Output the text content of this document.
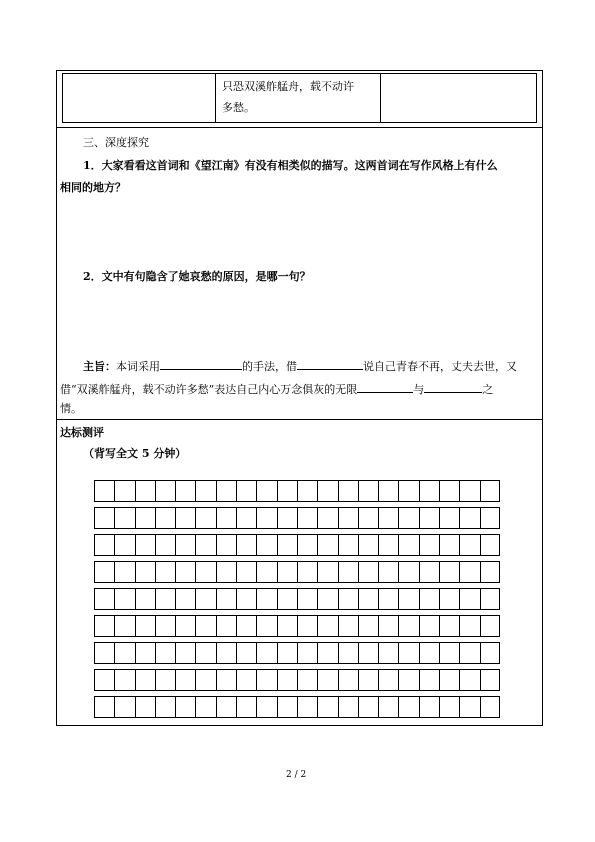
只恐双溪舴艋舟，载不动许
多愁。
三、深度探究
1．大家看看这首词和《望江南》有没有相类似的描写。这两首词在写作风格上有什么
相同的地方？
2．文中有句隐含了她哀愁的原因，是哪一句？
主旨：本词采用	的手法，借	说自己青春不再，丈夫去世，又
借“双溪舴艋舟，载不动许多愁”表达自己内心万念俱灰的无限	与	之
情。
达标测评
（背写全文 5 分钟）
2 / 2
